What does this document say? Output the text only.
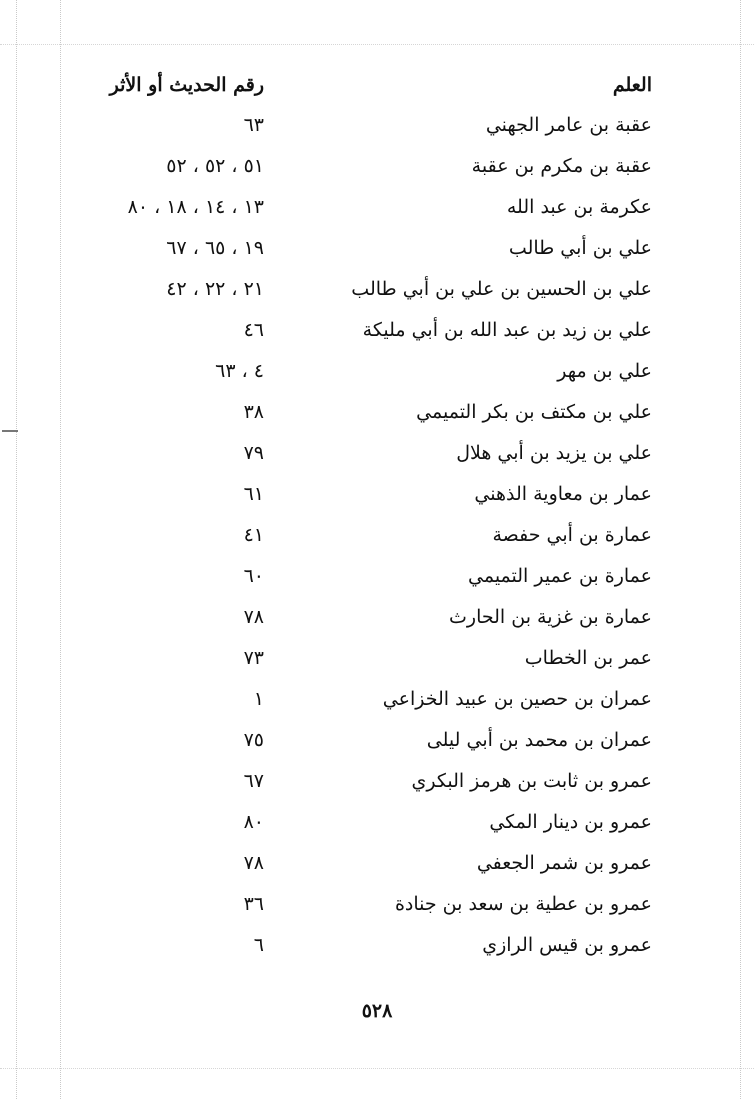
العلم
رقم الحديث أو الأثر
عقبة بن عامر الجهني
٦٣
عقبة بن مكرم بن عقبة
٥١ ، ٥٢ ، ٥٢
عكرمة بن عبد الله
١٣ ، ١٤ ، ١٨ ، ٨٠
علي بن أبي طالب
١٩ ، ٦٥ ، ٦٧
علي بن الحسين بن علي بن أبي طالب
٢١ ، ٢٢ ، ٤٢
علي بن زيد بن عبد الله بن أبي مليكة
٤٦
علي بن مهر
٤ ، ٦٣
علي بن مكتف بن بكر التميمي
٣٨
علي بن يزيد بن أبي هلال
٧٩
عمار بن معاوية الذهني
٦١
عمارة بن أبي حفصة
٤١
عمارة بن عمير التميمي
٦٠
عمارة بن غزية بن الحارث
٧٨
عمر بن الخطاب
٧٣
عمران بن حصين بن عبيد الخزاعي
١
عمران بن محمد بن أبي ليلى
٧٥
عمرو بن ثابت بن هرمز البكري
٦٧
عمرو بن دينار المكي
٨٠
عمرو بن شمر الجعفي
٧٨
عمرو بن عطية بن سعد بن جنادة
٣٦
عمرو بن قيس الرازي
٦
٥٢٨
